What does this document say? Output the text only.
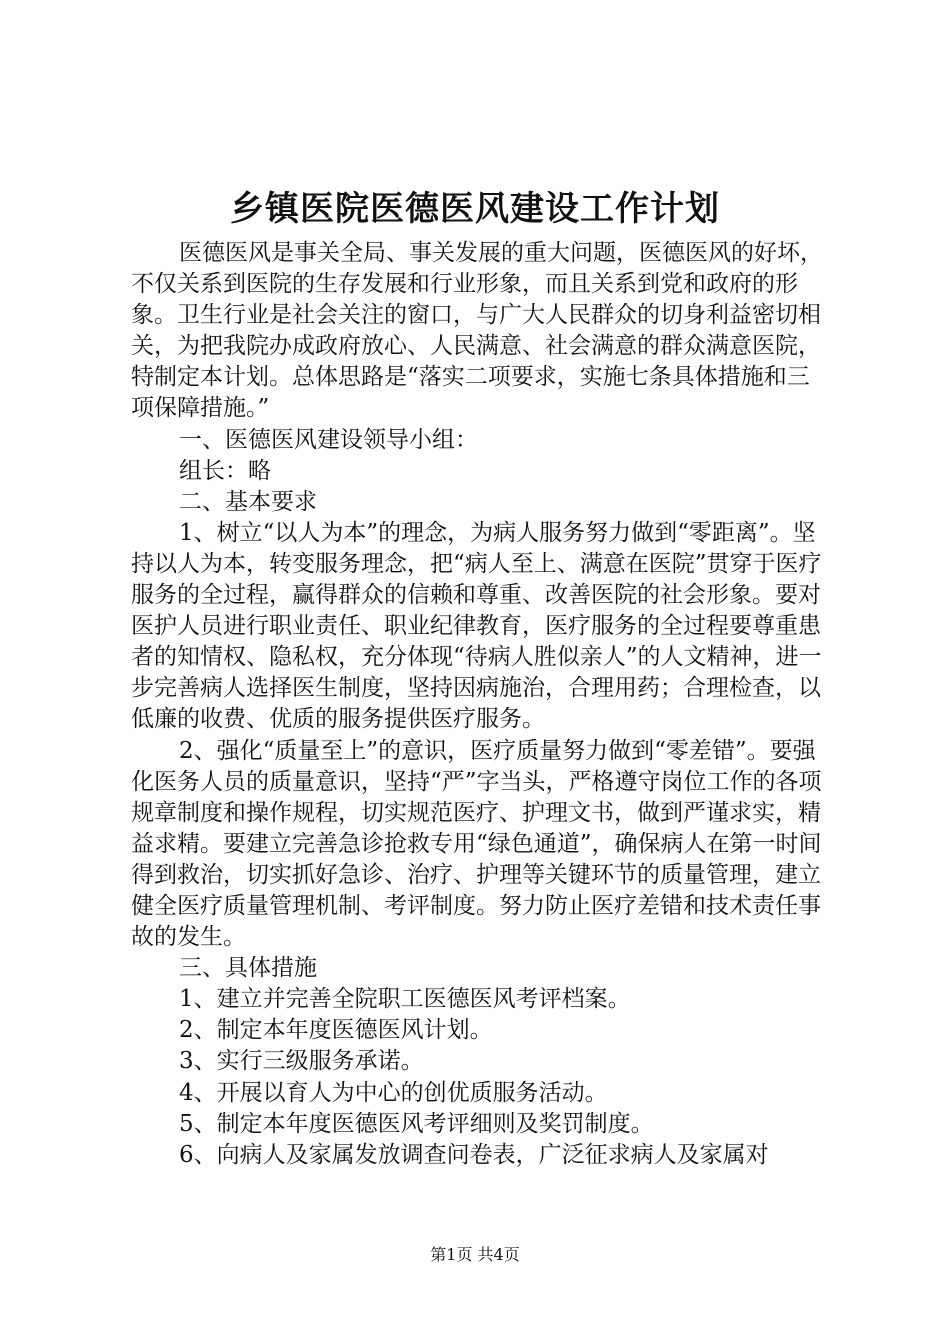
乡镇医院医德医风建设工作计划

医德医风是事关全局、事关发展的重大问题，医德医风的好坏，不仅关系到医院的生存发展和行业形象，而且关系到党和政府的形象。卫生行业是社会关注的窗口，与广大人民群众的切身利益密切相关，为把我院办成政府放心、人民满意、社会满意的群众满意医院，特制定本计划。总体思路是“落实二项要求，实施七条具体措施和三项保障措施。”

一、医德医风建设领导小组：

组长：略

二、基本要求

1、树立“以人为本”的理念，为病人服务努力做到“零距离”。坚持以人为本，转变服务理念，把“病人至上、满意在医院”贯穿于医疗服务的全过程，赢得群众的信赖和尊重、改善医院的社会形象。要对医护人员进行职业责任、职业纪律教育，医疗服务的全过程要尊重患者的知情权、隐私权，充分体现“待病人胜似亲人”的人文精神，进一步完善病人选择医生制度，坚持因病施治，合理用药；合理检查，以低廉的收费、优质的服务提供医疗服务。

2、强化“质量至上”的意识，医疗质量努力做到“零差错”。要强化医务人员的质量意识，坚持“严”字当头，严格遵守岗位工作的各项规章制度和操作规程，切实规范医疗、护理文书，做到严谨求实，精益求精。要建立完善急诊抢救专用“绿色通道”，确保病人在第一时间得到救治，切实抓好急诊、治疗、护理等关键环节的质量管理，建立健全医疗质量管理机制、考评制度。努力防止医疗差错和技术责任事故的发生。

三、具体措施

1、建立并完善全院职工医德医风考评档案。

2、制定本年度医德医风计划。

3、实行三级服务承诺。

4、开展以育人为中心的创优质服务活动。

5、制定本年度医德医风考评细则及奖罚制度。

6、向病人及家属发放调查问卷表，广泛征求病人及家属对

第1页 共4页
